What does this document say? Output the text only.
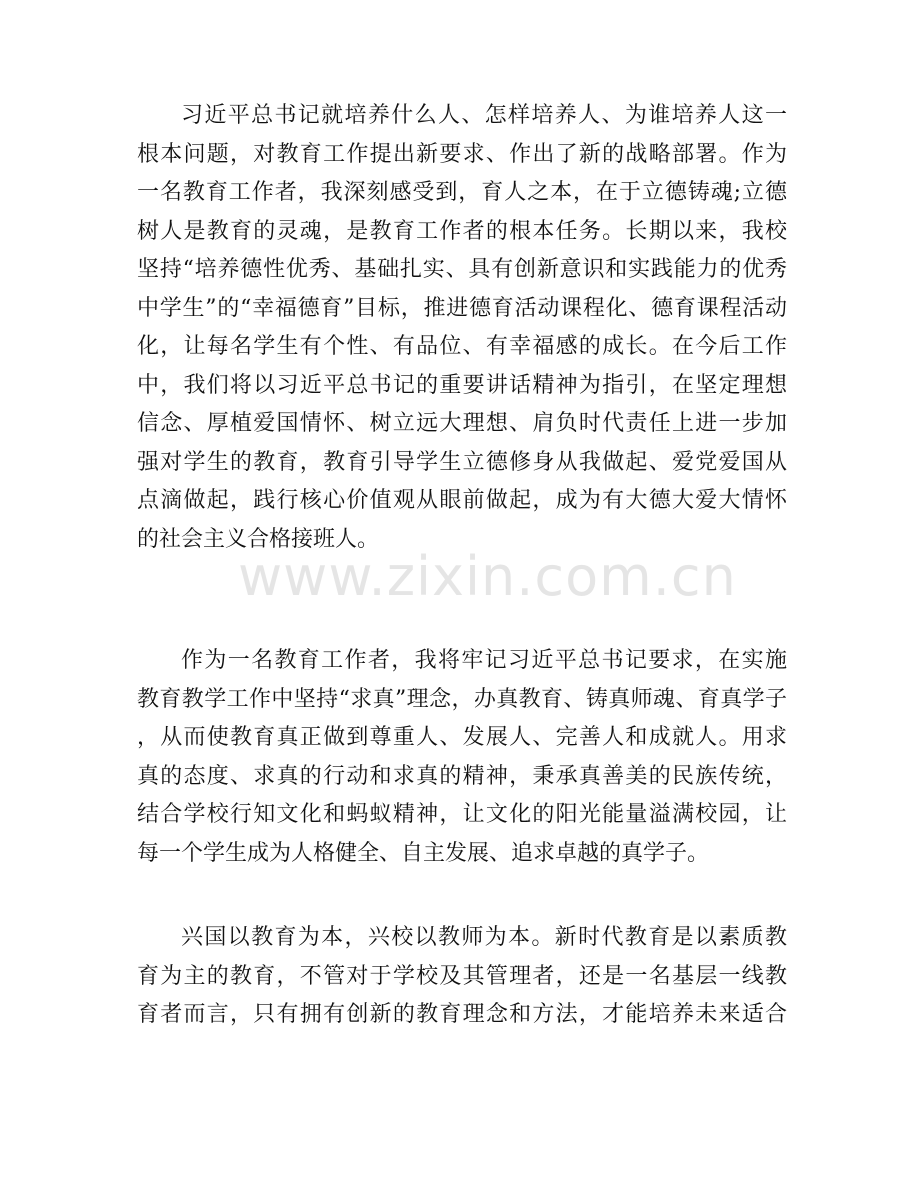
习近平总书记就培养什么人、怎样培养人、为谁培养人这一
根本问题，对教育工作提出新要求、作出了新的战略部署。作为
一名教育工作者，我深刻感受到，育人之本，在于立德铸魂;立德
树人是教育的灵魂，是教育工作者的根本任务。长期以来，我校
坚持“培养德性优秀、基础扎实、具有创新意识和实践能力的优秀
中学生”的“幸福德育”目标，推进德育活动课程化、德育课程活动
化，让每名学生有个性、有品位、有幸福感的成长。在今后工作
中，我们将以习近平总书记的重要讲话精神为指引，在坚定理想
信念、厚植爱国情怀、树立远大理想、肩负时代责任上进一步加
强对学生的教育，教育引导学生立德修身从我做起、爱党爱国从
点滴做起，践行核心价值观从眼前做起，成为有大德大爱大情怀
的社会主义合格接班人。
作为一名教育工作者，我将牢记习近平总书记要求，在实施
教育教学工作中坚持“求真”理念，办真教育、铸真师魂、育真学子
，从而使教育真正做到尊重人、发展人、完善人和成就人。用求
真的态度、求真的行动和求真的精神，秉承真善美的民族传统，
结合学校行知文化和蚂蚁精神，让文化的阳光能量溢满校园，让
每一个学生成为人格健全、自主发展、追求卓越的真学子。
兴国以教育为本，兴校以教师为本。新时代教育是以素质教
育为主的教育，不管对于学校及其管理者，还是一名基层一线教
育者而言，只有拥有创新的教育理念和方法，才能培养未来适合
www.zixin.com.cn
